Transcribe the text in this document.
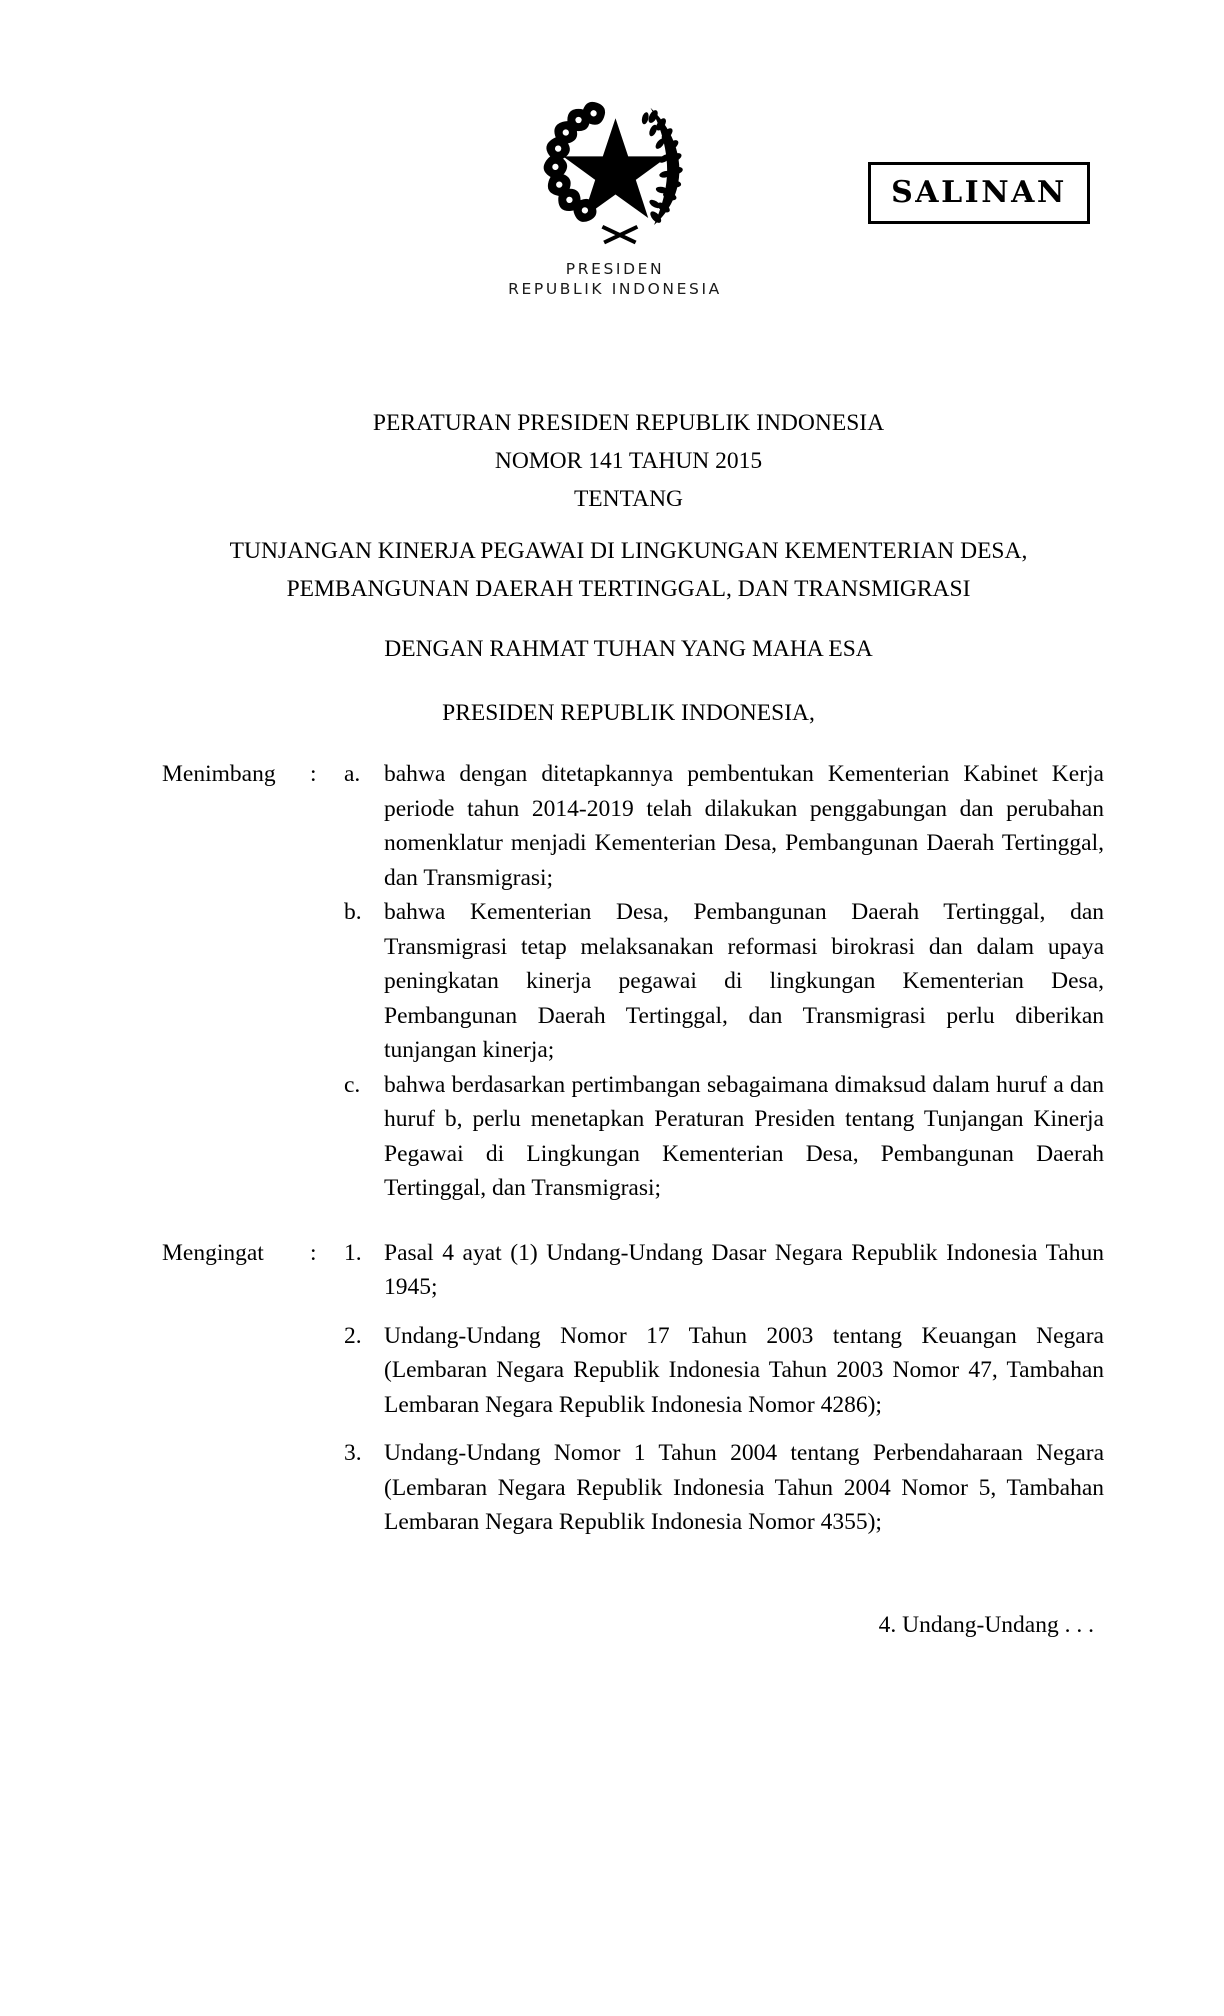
PRESIDEN
REPUBLIK INDONESIA
SALINAN
PERATURAN PRESIDEN REPUBLIK INDONESIA
NOMOR 141 TAHUN 2015
TENTANG
TUNJANGAN KINERJA PEGAWAI DI LINGKUNGAN KEMENTERIAN DESA,
PEMBANGUNAN DAERAH TERTINGGAL, DAN TRANSMIGRASI
DENGAN RAHMAT TUHAN YANG MAHA ESA
PRESIDEN REPUBLIK INDONESIA,
Menimbang	:	a.	bahwa dengan ditetapkannya pembentukan Kementerian Kabinet Kerja periode tahun 2014-2019 telah dilakukan penggabungan dan perubahan nomenklatur menjadi Kementerian Desa, Pembangunan Daerah Tertinggal, dan Transmigrasi;
b. bahwa Kementerian Desa, Pembangunan Daerah Tertinggal, dan Transmigrasi tetap melaksanakan reformasi birokrasi dan dalam upaya peningkatan kinerja pegawai di lingkungan Kementerian Desa, Pembangunan Daerah Tertinggal, dan Transmigrasi perlu diberikan tunjangan kinerja;
c.	bahwa berdasarkan pertimbangan sebagaimana dimaksud dalam huruf a dan huruf b, perlu menetapkan Peraturan Presiden tentang Tunjangan Kinerja Pegawai di Lingkungan Kementerian Desa, Pembangunan Daerah Tertinggal, dan Transmigrasi;
Mengingat	:	1. Pasal 4 ayat (1) Undang-Undang Dasar Negara Republik Indonesia Tahun 1945;
2. Undang-Undang Nomor 17 Tahun 2003 tentang Keuangan Negara (Lembaran Negara Republik Indonesia Tahun 2003 Nomor 47, Tambahan Lembaran Negara Republik Indonesia Nomor 4286);
3. Undang-Undang Nomor 1 Tahun 2004 tentang Perbendaharaan Negara (Lembaran Negara Republik Indonesia Tahun 2004 Nomor 5, Tambahan Lembaran Negara Republik Indonesia Nomor 4355);
4. Undang-Undang . . .
